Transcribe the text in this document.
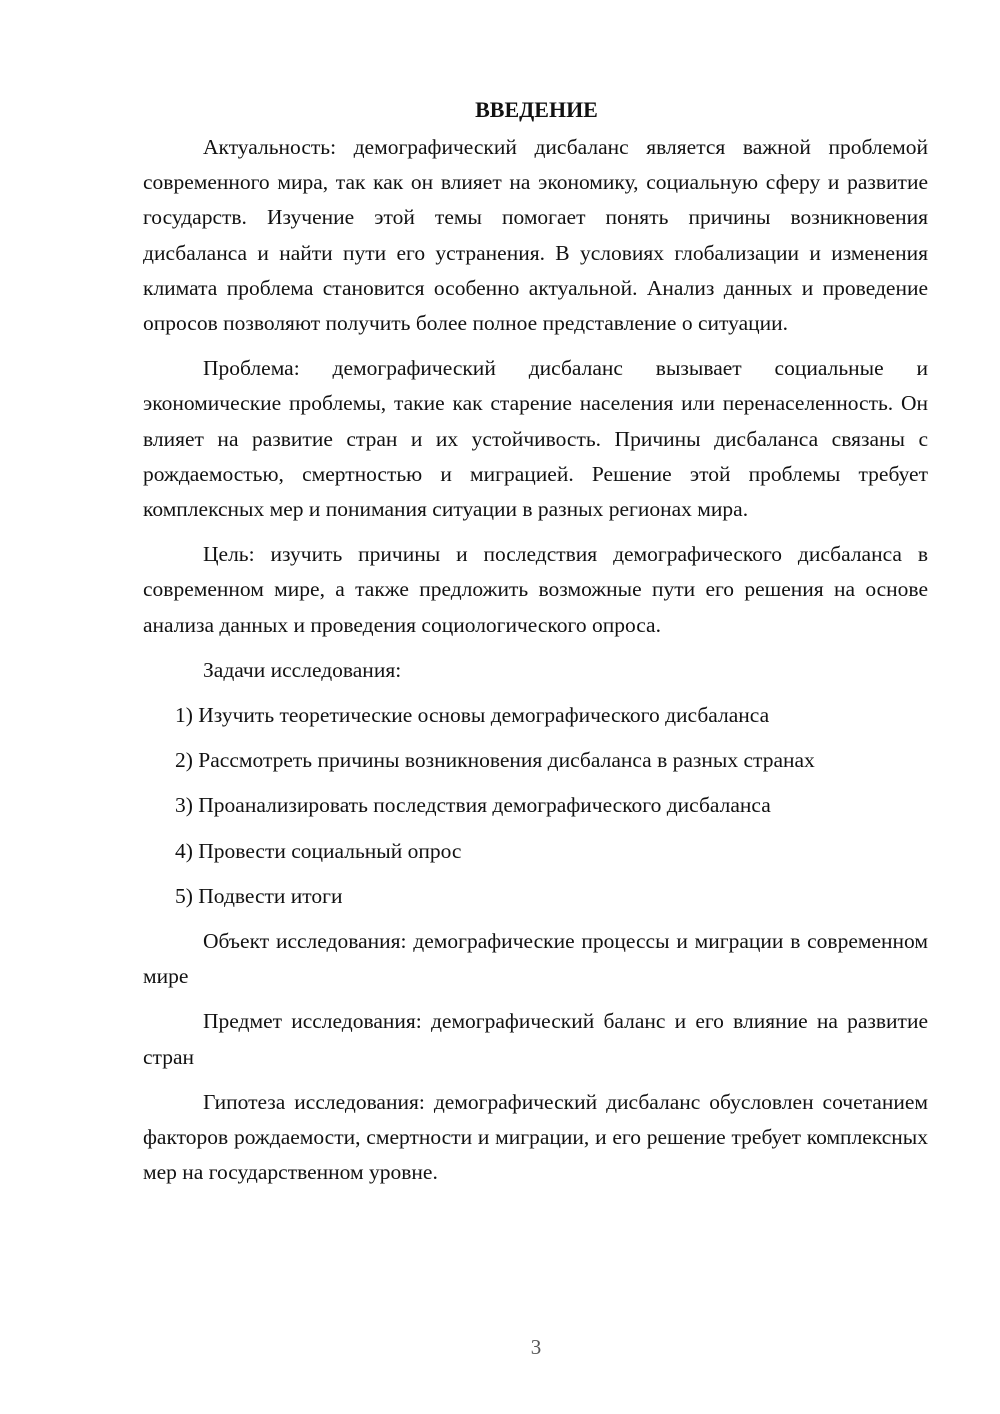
ВВЕДЕНИЕ

Актуальность: демографический дисбаланс является важной проблемой современного мира, так как он влияет на экономику, социальную сферу и развитие государств. Изучение этой темы помогает понять причины возникновения дисбаланса и найти пути его устранения. В условиях глобализации и изменения климата проблема становится особенно актуальной. Анализ данных и проведение опросов позволяют получить более полное представление о ситуации.

Проблема: демографический дисбаланс вызывает социальные и экономические проблемы, такие как старение населения или перенаселенность. Он влияет на развитие стран и их устойчивость. Причины дисбаланса связаны с рождаемостью, смертностью и миграцией. Решение этой проблемы требует комплексных мер и понимания ситуации в разных регионах мира.

Цель: изучить причины и последствия демографического дисбаланса в современном мире, а также предложить возможные пути его решения на основе анализа данных и проведения социологического опроса.

Задачи исследования:

1) Изучить теоретические основы демографического дисбаланса
2) Рассмотреть причины возникновения дисбаланса в разных странах
3) Проанализировать последствия демографического дисбаланса
4) Провести социальный опрос
5) Подвести итоги

Объект исследования: демографические процессы и миграции в современном мире

Предмет исследования: демографический баланс и его влияние на развитие стран

Гипотеза исследования: демографический дисбаланс обусловлен сочетанием факторов рождаемости, смертности и миграции, и его решение требует комплексных мер на государственном уровне.

3
